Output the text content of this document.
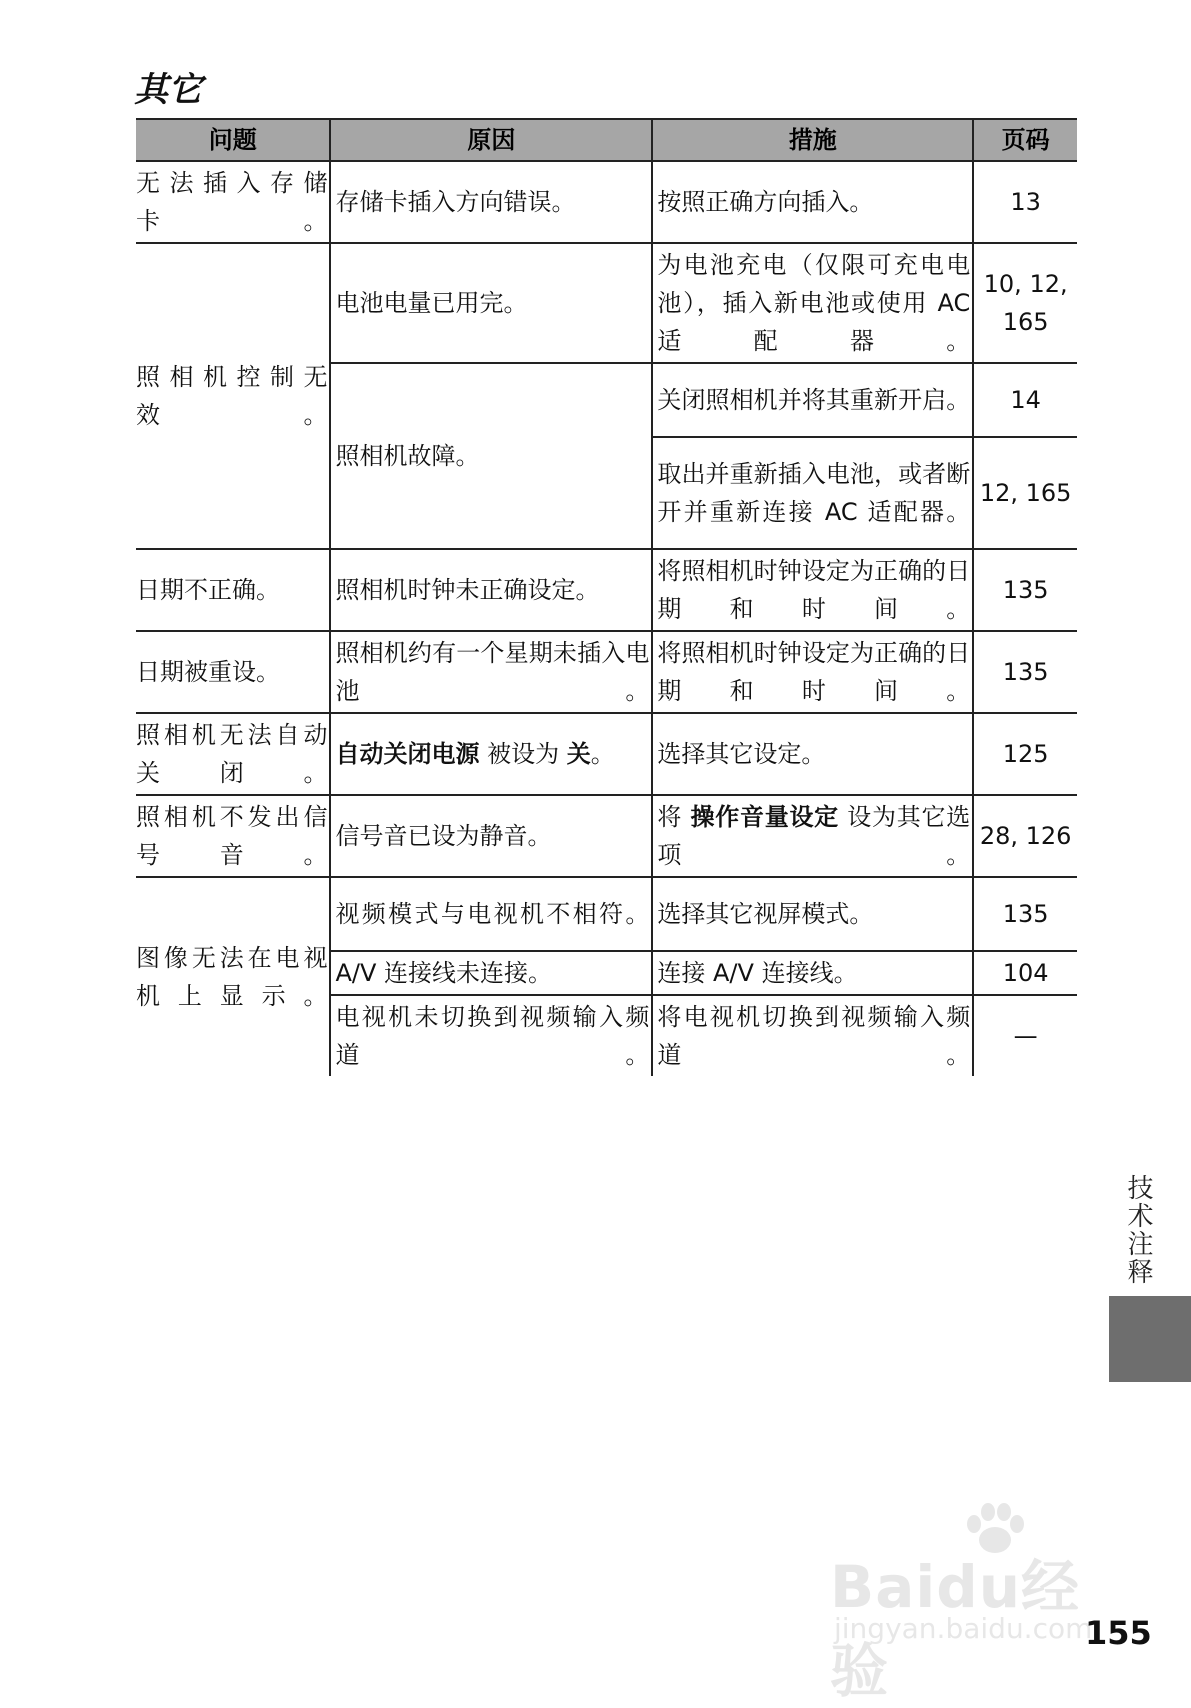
其它
问题	原因	措施	页码
无法插入存储卡。	存储卡插入方向错误。	按照正确方向插入。	13
照相机控制无效。	电池电量已用完。	为电池充电（仅限可充电电池），插入新电池或使用 AC 适配器。	10, 12, 165
	照相机故障。	关闭照相机并将其重新开启。	14
		取出并重新插入电池，或者断开并重新连接 AC 适配器。	12, 165
日期不正确。	照相机时钟未正确设定。	将照相机时钟设定为正确的日期和时间。	135
日期被重设。	照相机约有一个星期未插入电池。	将照相机时钟设定为正确的日期和时间。	135
照相机无法自动关闭。	自动关闭电源 被设为 关。	选择其它设定。	125
照相机不发出信号音。	信号音已设为静音。	将 操作音量设定 设为其它选项。	28, 126
图像无法在电视机上显示。	视频模式与电视机不相符。	选择其它视屏模式。	135
	A/V 连接线未连接。	连接 A/V 连接线。	104
	电视机未切换到视频输入频道。	将电视机切换到视频输入频道。	—
技术注释
Baidu经验
jingyan.baidu.com
155
